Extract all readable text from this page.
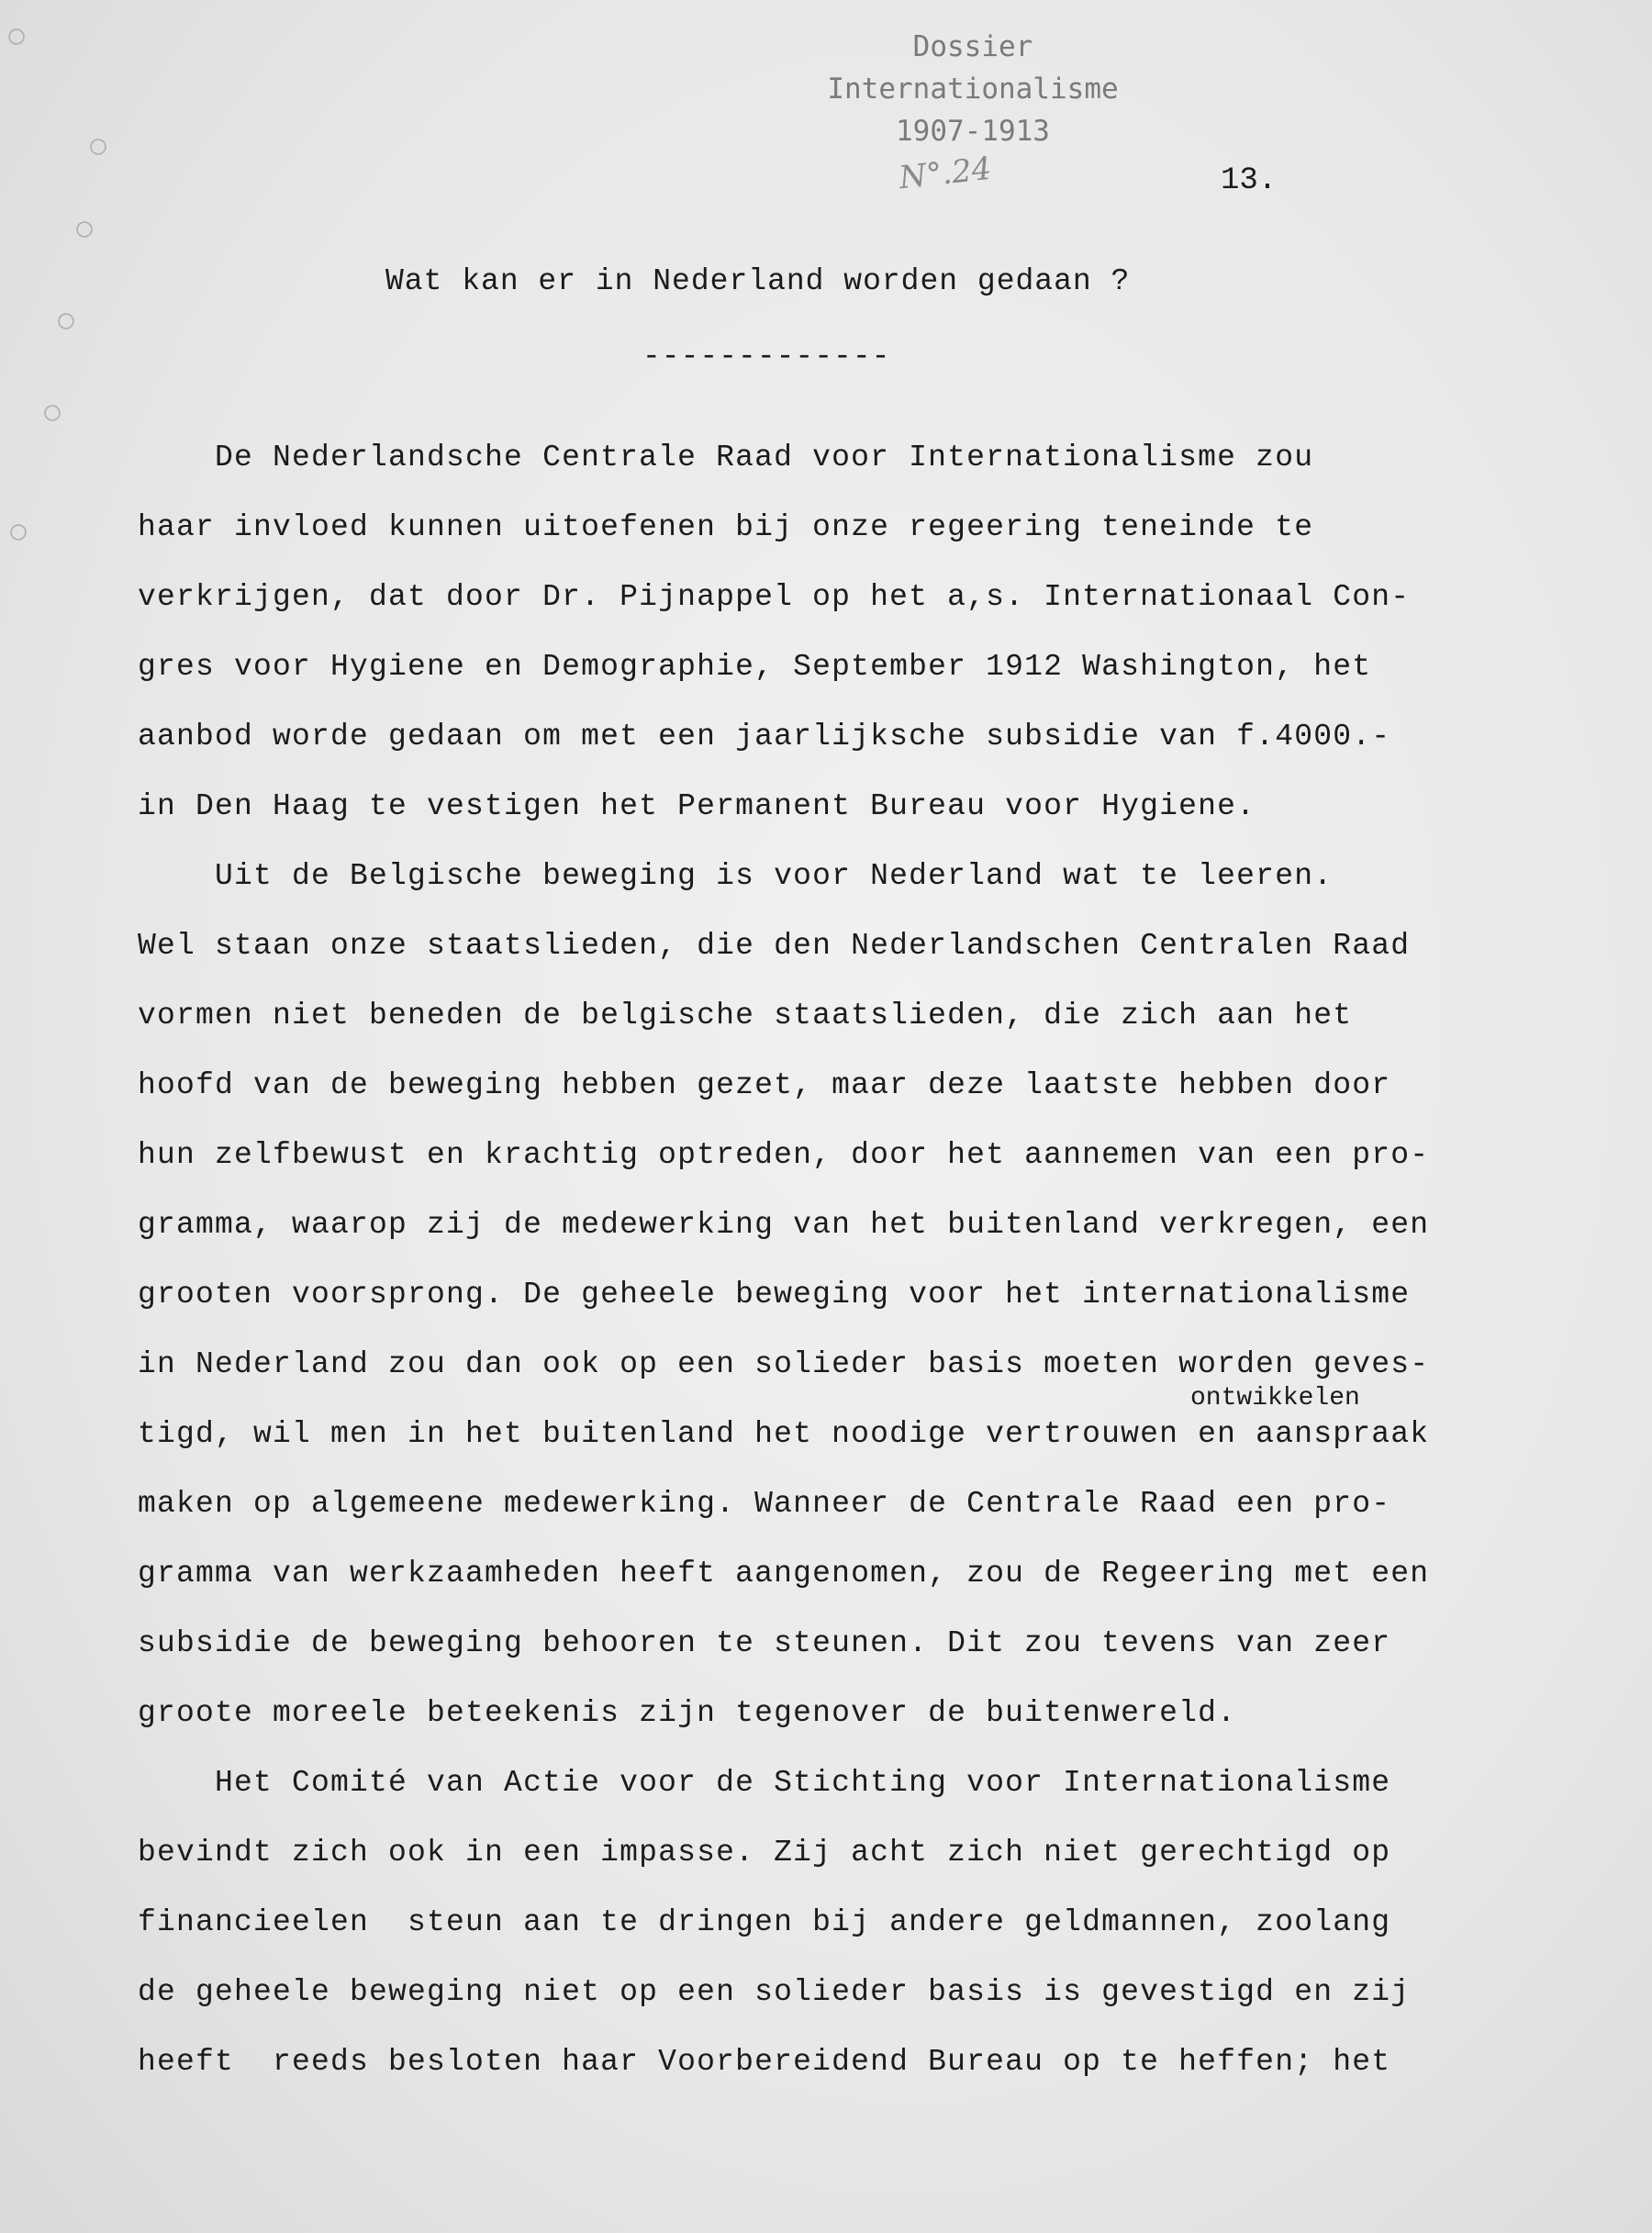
○
○
○
○
○
○
Dossier
Internationalisme
1907-1913
N°.24	13.
Wat kan er in Nederland worden gedaan ?
-------------
De Nederlandsche Centrale Raad voor Internationalisme zou
haar invloed kunnen uitoefenen bij onze regeering teneinde te
verkrijgen, dat door Dr. Pijnappel op het a,s. Internationaal Con-
gres voor Hygiene en Demographie, September 1912 Washington, het
aanbod worde gedaan om met een jaarlijksche subsidie van f.4000.-
in Den Haag te vestigen het Permanent Bureau voor Hygiene.
Uit de Belgische beweging is voor Nederland wat te leeren.
Wel staan onze staatslieden, die den Nederlandschen Centralen Raad
vormen niet beneden de belgische staatslieden, die zich aan het
hoofd van de beweging hebben gezet, maar deze laatste hebben door
hun zelfbewust en krachtig optreden, door het aannemen van een pro-
gramma, waarop zij de medewerking van het buitenland verkregen, een
grooten voorsprong. De geheele beweging voor het internationalisme
in Nederland zou dan ook op een solieder basis moeten worden geves-
ontwikkelen
tigd, wil men in het buitenland het noodige vertrouwen en aanspraak
maken op algemeene medewerking. Wanneer de Centrale Raad een pro-
gramma van werkzaamheden heeft aangenomen, zou de Regeering met een
subsidie de beweging behooren te steunen. Dit zou tevens van zeer
groote moreele beteekenis zijn tegenover de buitenwereld.
Het Comité van Actie voor de Stichting voor Internationalisme
bevindt zich ook in een impasse. Zij acht zich niet gerechtigd op
financieelen  steun aan te dringen bij andere geldmannen, zoolang
de geheele beweging niet op een solieder basis is gevestigd en zij
heeft  reeds besloten haar Voorbereidend Bureau op te heffen; het
